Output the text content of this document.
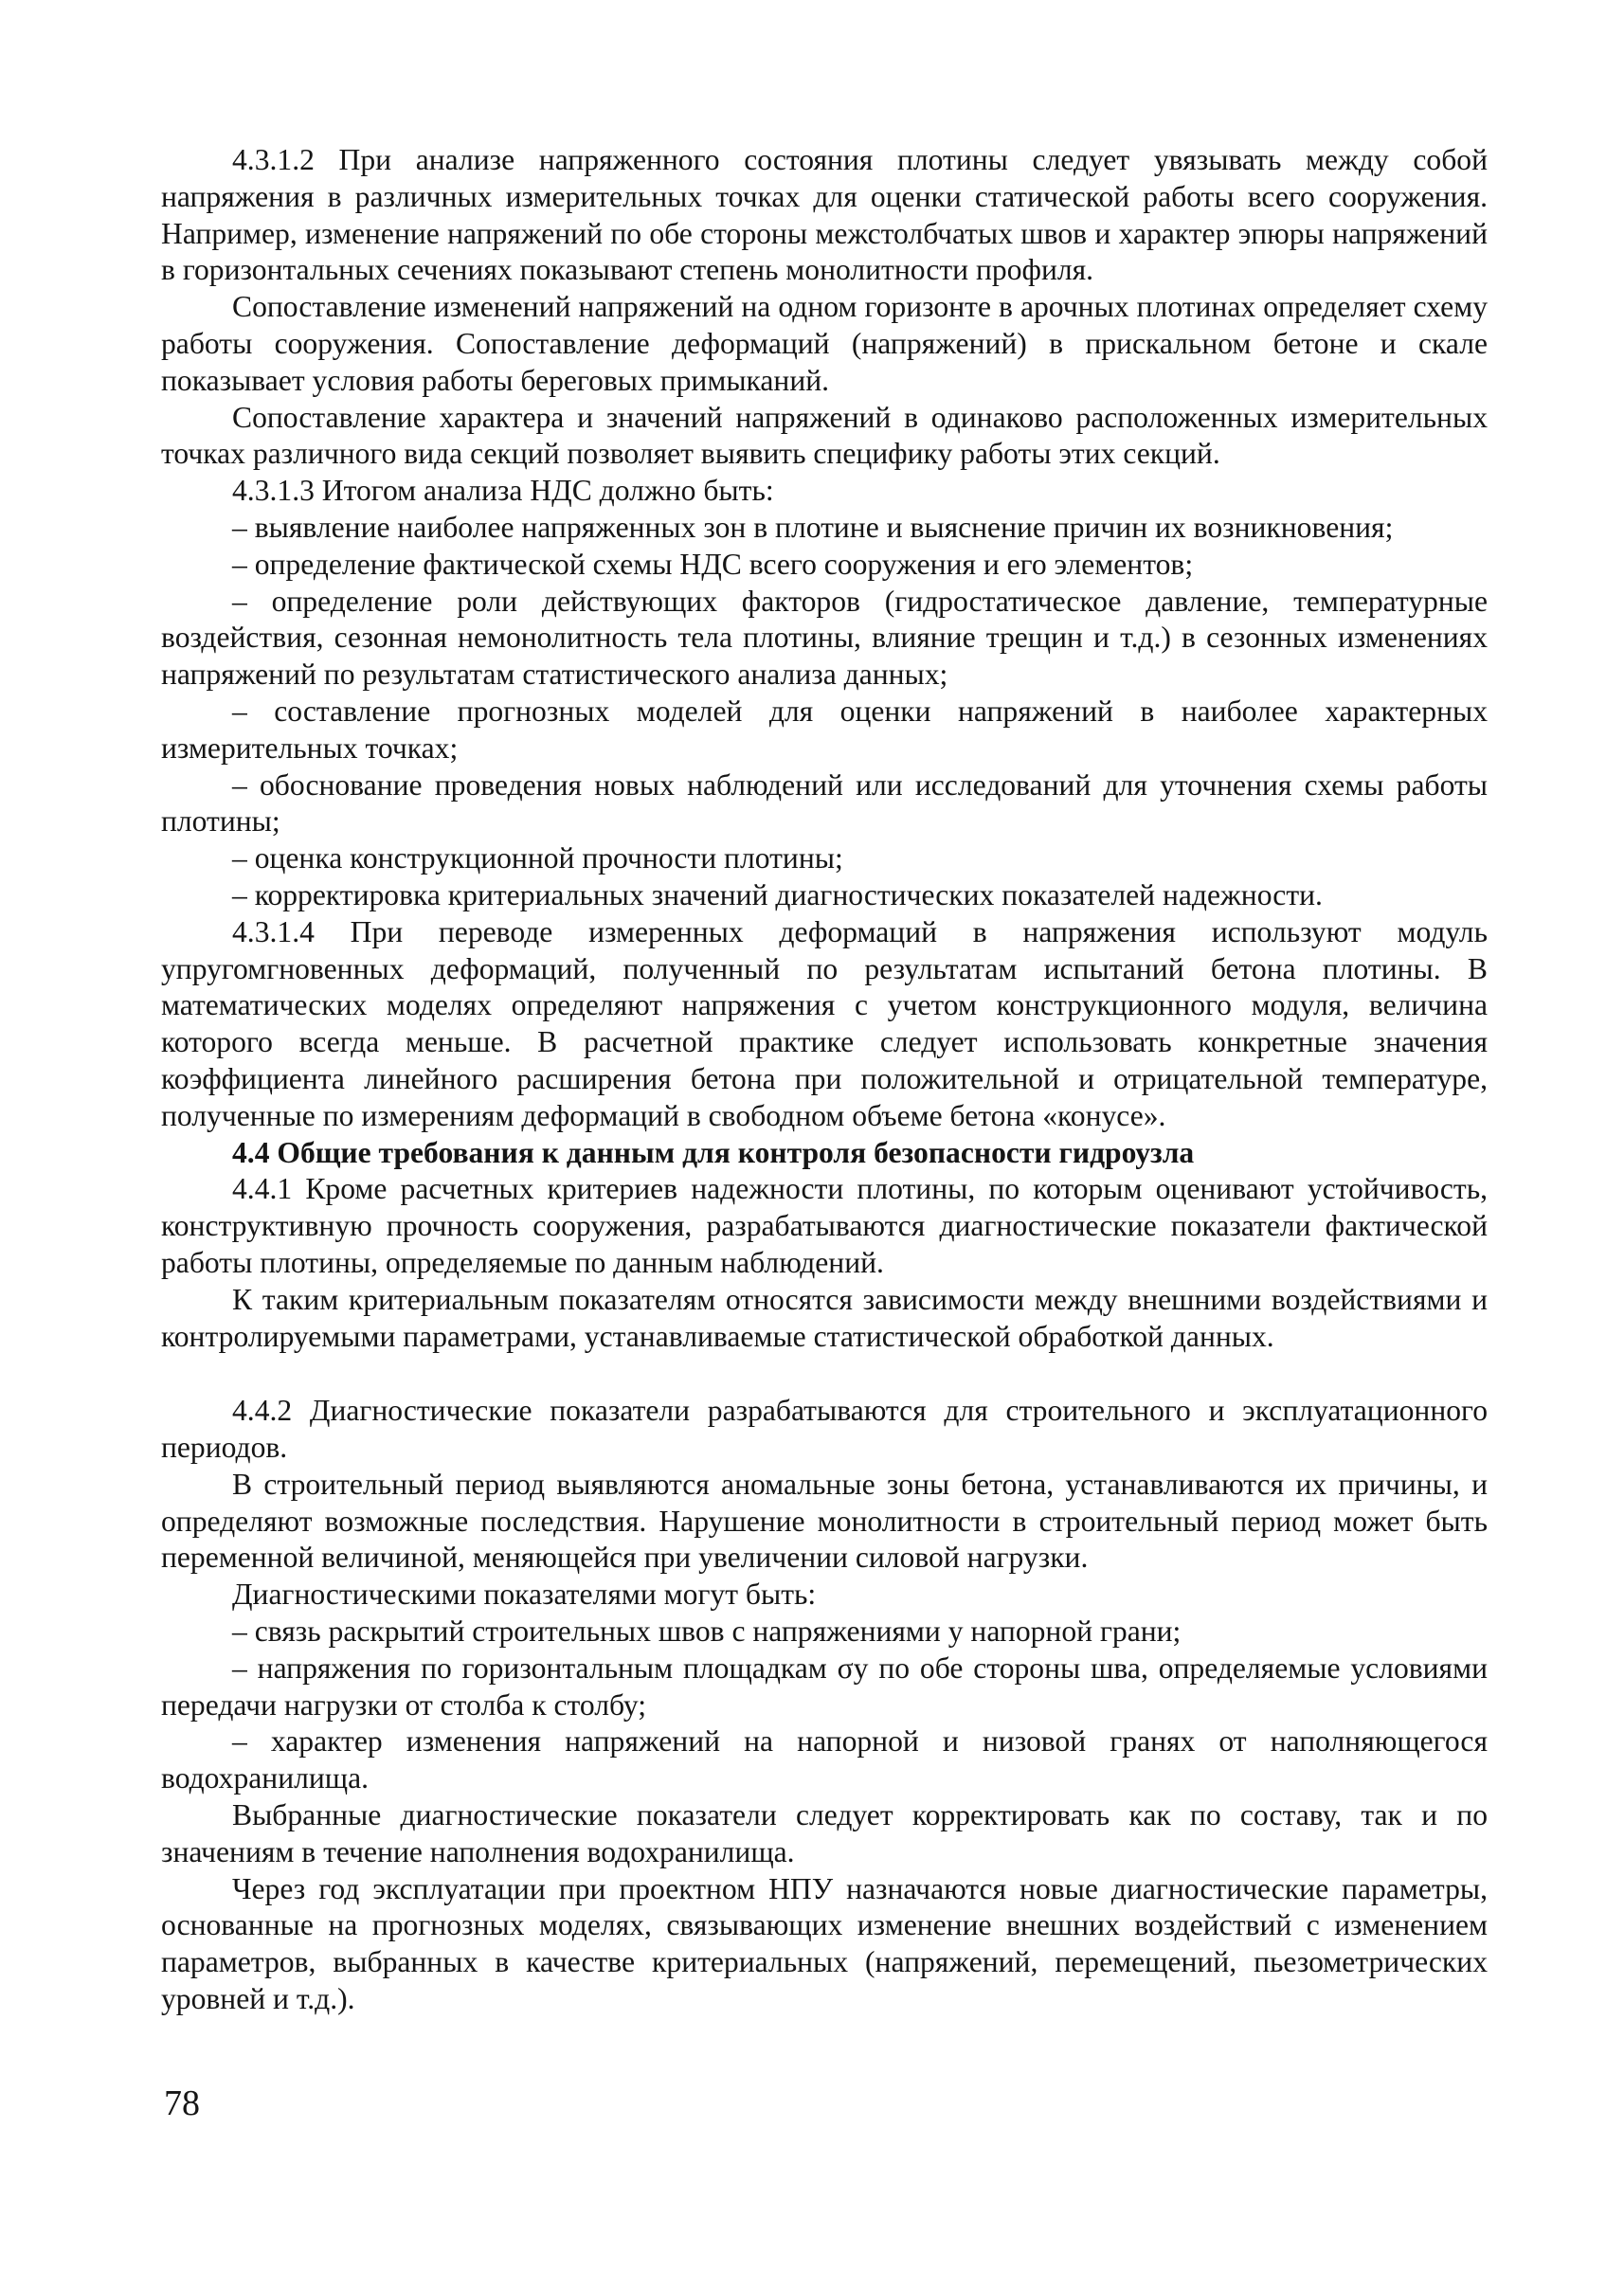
4.3.1.2 При анализе напряженного состояния плотины следует увязывать между собой напряжения в различных измерительных точках для оценки статической работы всего сооружения. Например, изменение напряжений по обе стороны межстолбчатых швов и характер эпюры напряжений в горизонтальных сечениях показывают степень монолитности профиля.

Сопоставление изменений напряжений на одном горизонте в арочных плотинах определяет схему работы сооружения. Сопоставление деформаций (напряжений) в прискальном бетоне и скале показывает условия работы береговых примыканий.

Сопоставление характера и значений напряжений в одинаково расположенных измерительных точках различного вида секций позволяет выявить специфику работы этих секций.

4.3.1.3 Итогом анализа НДС должно быть:

– выявление наиболее напряженных зон в плотине и выяснение причин их возникновения;

– определение фактической схемы НДС всего сооружения и его элементов;

– определение роли действующих факторов (гидростатическое давление, температурные воздействия, сезонная немонолитность тела плотины, влияние трещин и т.д.) в сезонных изменениях напряжений по результатам статистического анализа данных;

– составление прогнозных моделей для оценки напряжений в наиболее характерных измерительных точках;

– обоснование проведения новых наблюдений или исследований для уточнения схемы работы плотины;

– оценка конструкционной прочности плотины;

– корректировка критериальных значений диагностических показателей надежности.

4.3.1.4 При переводе измеренных деформаций в напряжения используют модуль упругомгновенных деформаций, полученный по результатам испытаний бетона плотины. В математических моделях определяют напряжения с учетом конструкционного модуля, величина которого всегда меньше. В расчетной практике следует использовать конкретные значения коэффициента линейного расширения бетона при положительной и отрицательной температуре, полученные по измерениям деформаций в свободном объеме бетона «конусе».

4.4 Общие требования к данным для контроля безопасности гидроузла

4.4.1 Кроме расчетных критериев надежности плотины, по которым оценивают устойчивость, конструктивную прочность сооружения, разрабатываются диагностические показатели фактической работы плотины, определяемые по данным наблюдений.

К таким критериальным показателям относятся зависимости между внешними воздействиями и контролируемыми параметрами, устанавливаемые статистической обработкой данных.

4.4.2 Диагностические показатели разрабатываются для строительного и эксплуатационного периодов.

В строительный период выявляются аномальные зоны бетона, устанавливаются их причины, и определяют возможные последствия. Нарушение монолитности в строительный период может быть переменной величиной, меняющейся при увеличении силовой нагрузки.

Диагностическими показателями могут быть:

– связь раскрытий строительных швов с напряжениями у напорной грани;

– напряжения по горизонтальным площадкам σy по обе стороны шва, определяемые условиями передачи нагрузки от столба к столбу;

– характер изменения напряжений на напорной и низовой гранях от наполняющегося водохранилища.

Выбранные диагностические показатели следует корректировать как по составу, так и по значениям в течение наполнения водохранилища.

Через год эксплуатации при проектном НПУ назначаются новые диагностические параметры, основанные на прогнозных моделях, связывающих изменение внешних воздействий с изменением параметров, выбранных в качестве критериальных (напряжений, перемещений, пьезометрических уровней и т.д.).

78
